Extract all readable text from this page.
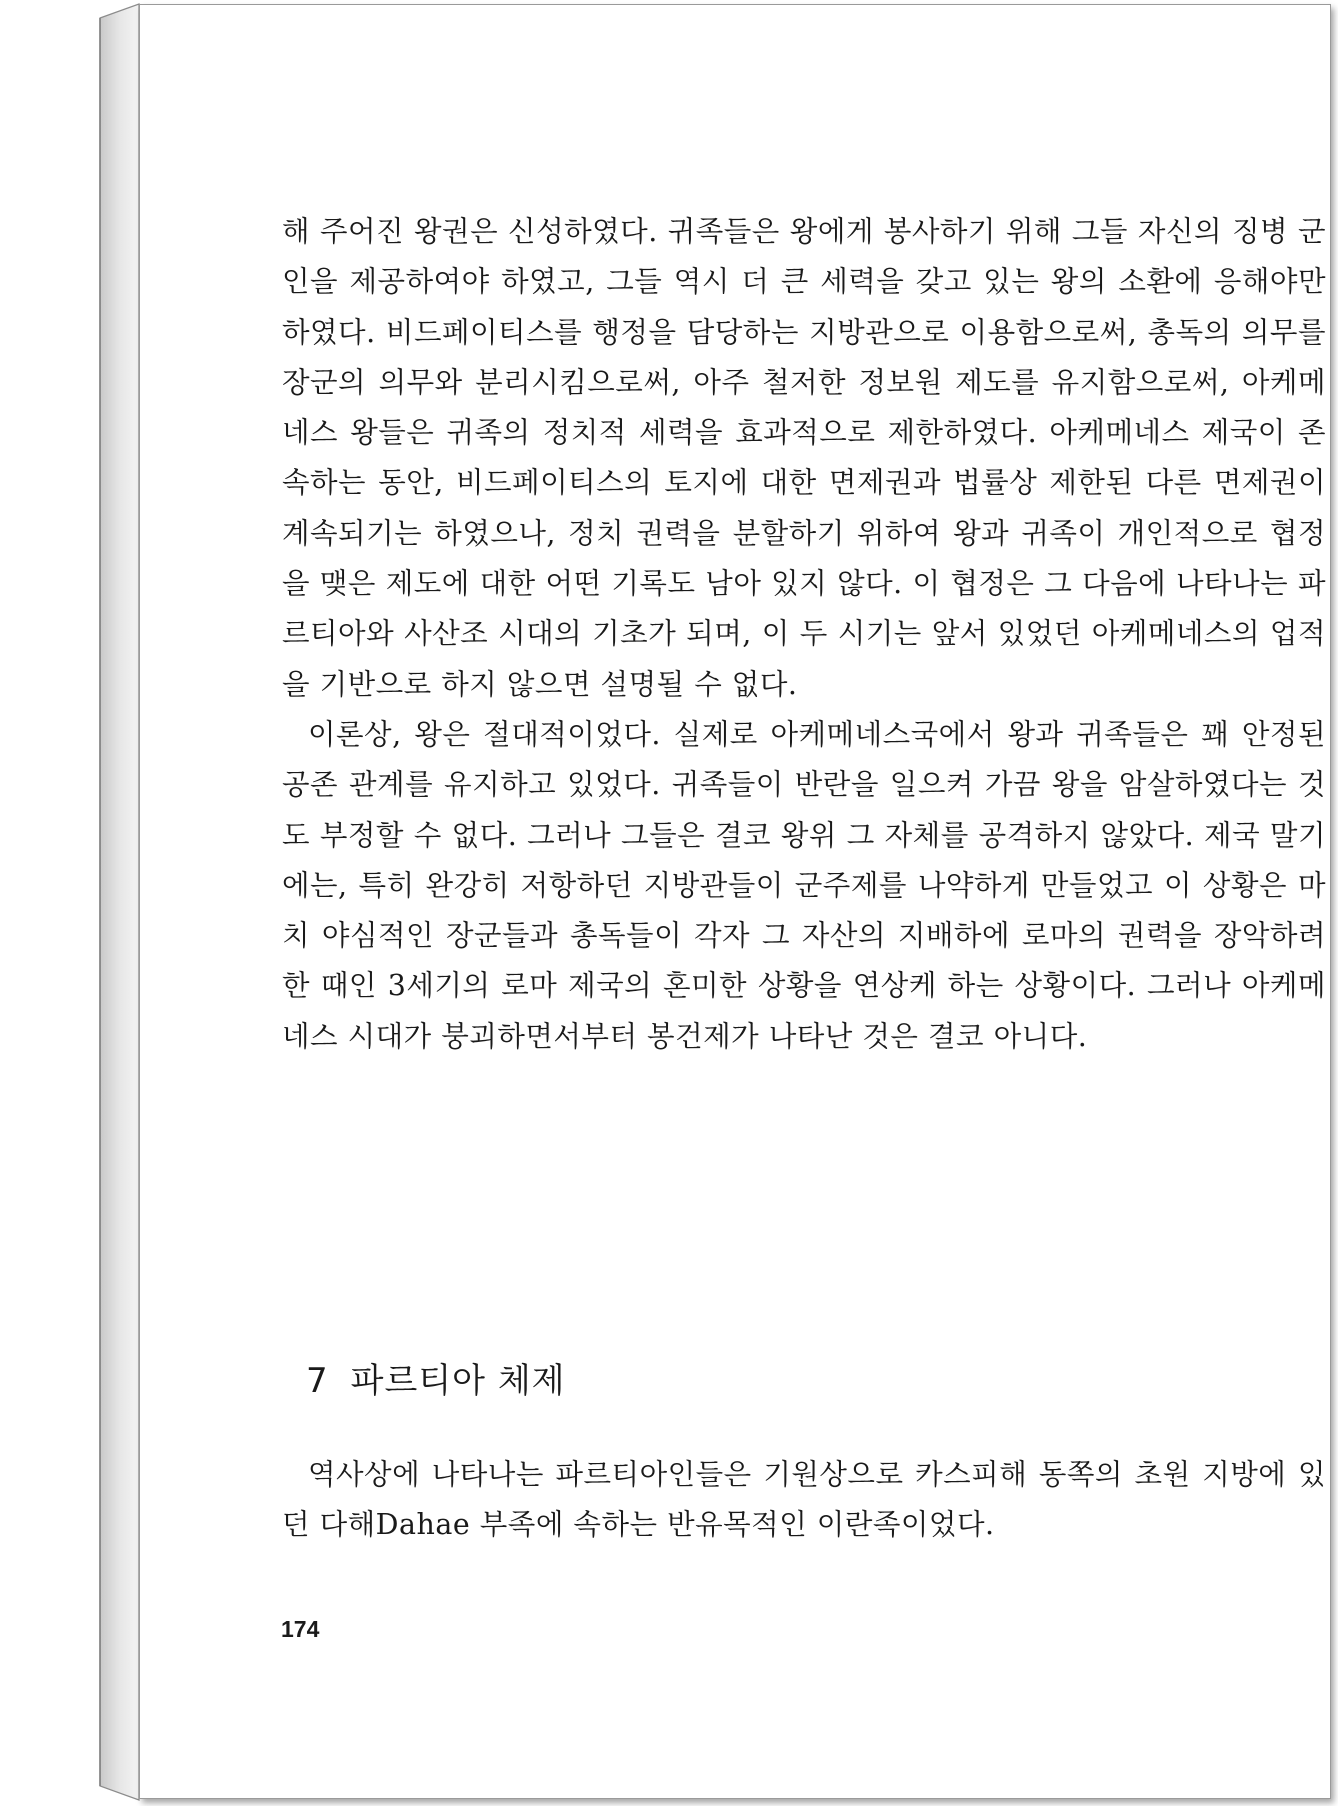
해 주어진 왕권은 신성하였다. 귀족들은 왕에게 봉사하기 위해 그들 자신의 징병 군인을 제공하여야 하였고, 그들 역시 더 큰 세력을 갖고 있는 왕의 소환에 응해야만 하였다. 비드페이티스를 행정을 담당하는 지방관으로 이용함으로써, 총독의 의무를 장군의 의무와 분리시킴으로써, 아주 철저한 정보원 제도를 유지함으로써, 아케메네스 왕들은 귀족의 정치적 세력을 효과적으로 제한하였다. 아케메네스 제국이 존속하는 동안, 비드페이티스의 토지에 대한 면제권과 법률상 제한된 다른 면제권이 계속되기는 하였으나, 정치 권력을 분할하기 위하여 왕과 귀족이 개인적으로 협정을 맺은 제도에 대한 어떤 기록도 남아 있지 않다. 이 협정은 그 다음에 나타나는 파르티아와 사산조 시대의 기초가 되며, 이 두 시기는 앞서 있었던 아케메네스의 업적을 기반으로 하지 않으면 설명될 수 없다.

이론상, 왕은 절대적이었다. 실제로 아케메네스국에서 왕과 귀족들은 꽤 안정된 공존 관계를 유지하고 있었다. 귀족들이 반란을 일으켜 가끔 왕을 암살하였다는 것도 부정할 수 없다. 그러나 그들은 결코 왕위 그 자체를 공격하지 않았다. 제국 말기에는, 특히 완강히 저항하던 지방관들이 군주제를 나약하게 만들었고 이 상황은 마치 야심적인 장군들과 총독들이 각자 그 자산의 지배하에 로마의 권력을 장악하려 한 때인 3세기의 로마 제국의 혼미한 상황을 연상케 하는 상황이다. 그러나 아케메네스 시대가 붕괴하면서부터 봉건제가 나타난 것은 결코 아니다.

7 파르티아 체제

역사상에 나타나는 파르티아인들은 기원상으로 카스피해 동쪽의 초원 지방에 있던 다해Dahae 부족에 속하는 반유목적인 이란족이었다.

174
